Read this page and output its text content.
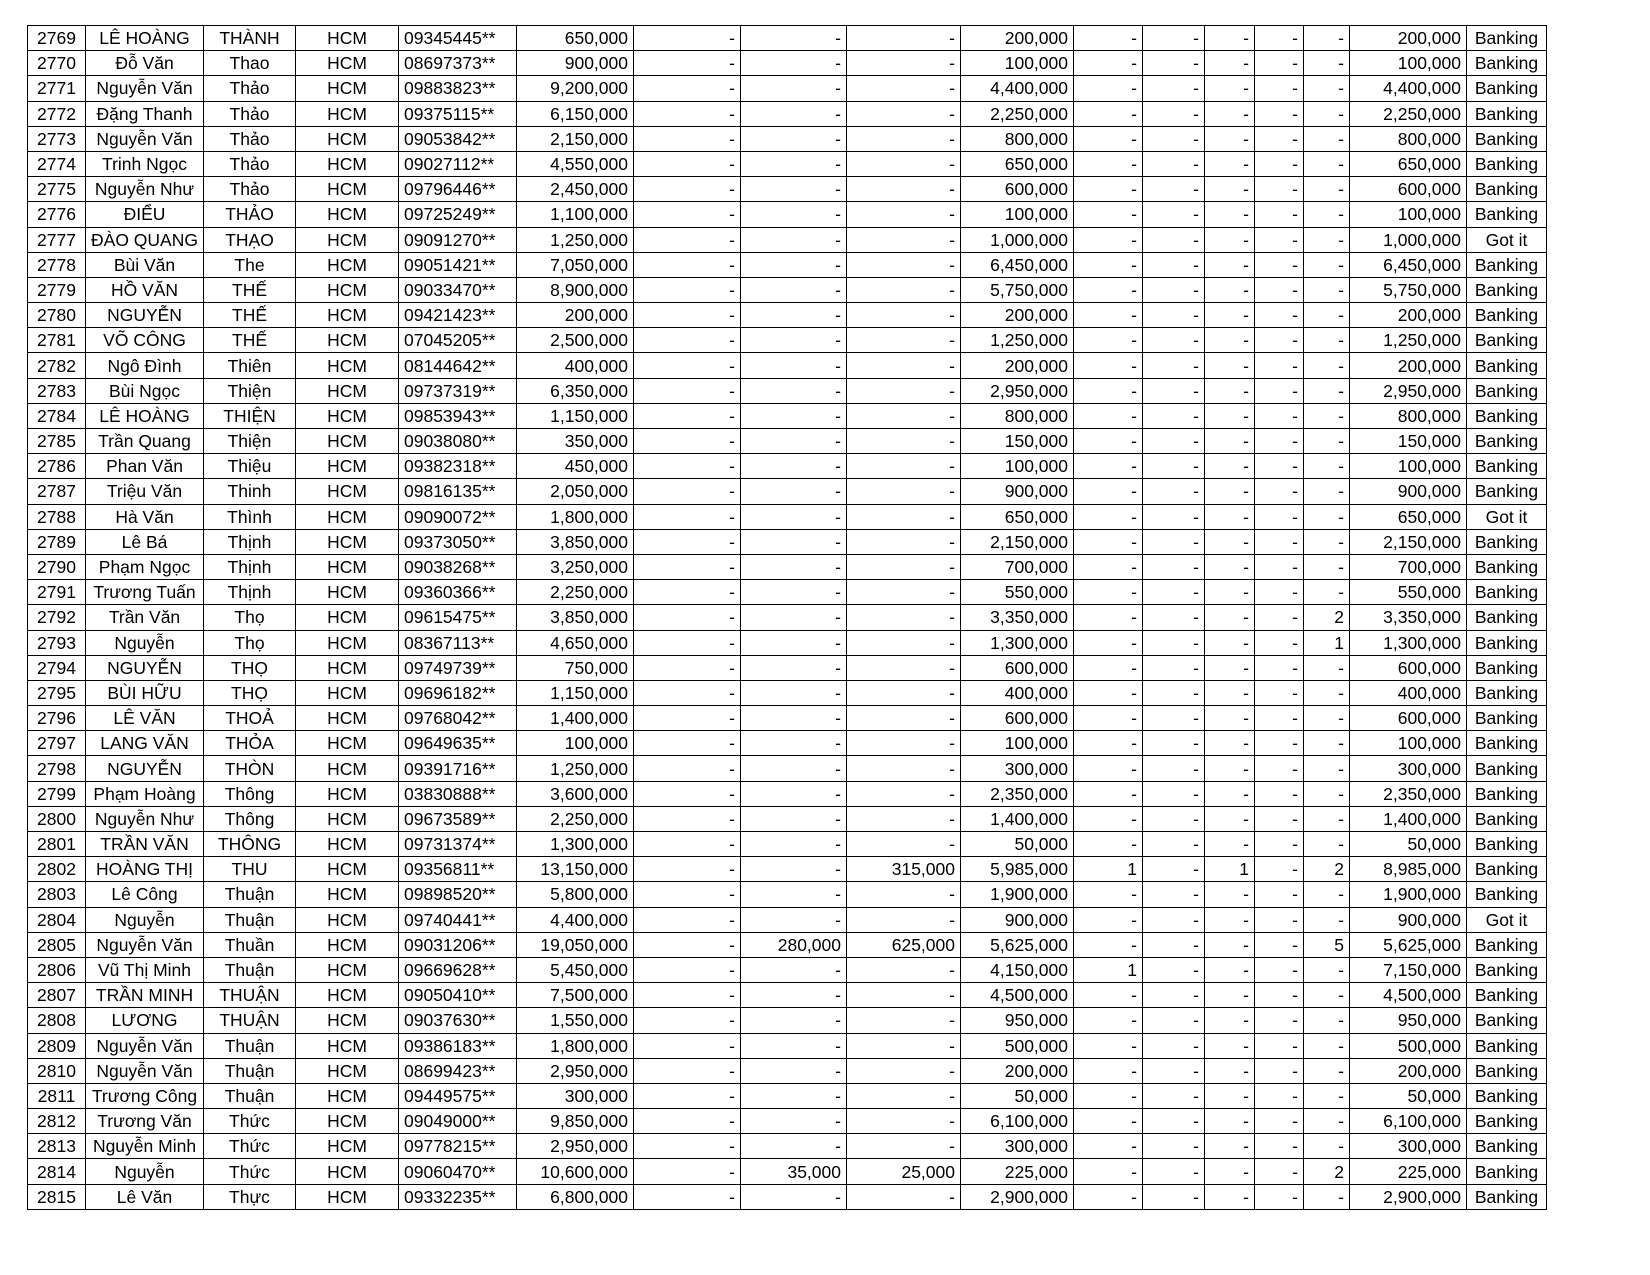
2769	LÊ HOÀNG	THÀNH	HCM	09345445**	650,000	-	-	-	200,000	-	-	-	-	-	200,000	Banking
2770	Đỗ Văn	Thao	HCM	08697373**	900,000	-	-	-	100,000	-	-	-	-	-	100,000	Banking
2771	Nguyễn Văn	Thảo	HCM	09883823**	9,200,000	-	-	-	4,400,000	-	-	-	-	-	4,400,000	Banking
2772	Đặng Thanh	Thảo	HCM	09375115**	6,150,000	-	-	-	2,250,000	-	-	-	-	-	2,250,000	Banking
2773	Nguyễn Văn	Thảo	HCM	09053842**	2,150,000	-	-	-	800,000	-	-	-	-	-	800,000	Banking
2774	Trinh Ngọc	Thảo	HCM	09027112**	4,550,000	-	-	-	650,000	-	-	-	-	-	650,000	Banking
2775	Nguyễn Như	Thảo	HCM	09796446**	2,450,000	-	-	-	600,000	-	-	-	-	-	600,000	Banking
2776	ĐIỂU	THẢO	HCM	09725249**	1,100,000	-	-	-	100,000	-	-	-	-	-	100,000	Banking
2777	ĐÀO QUANG	THẠO	HCM	09091270**	1,250,000	-	-	-	1,000,000	-	-	-	-	-	1,000,000	Got it
2778	Bùi Văn	The	HCM	09051421**	7,050,000	-	-	-	6,450,000	-	-	-	-	-	6,450,000	Banking
2779	HỒ VĂN	THẾ	HCM	09033470**	8,900,000	-	-	-	5,750,000	-	-	-	-	-	5,750,000	Banking
2780	NGUYỄN	THẾ	HCM	09421423**	200,000	-	-	-	200,000	-	-	-	-	-	200,000	Banking
2781	VÕ CÔNG	THẾ	HCM	07045205**	2,500,000	-	-	-	1,250,000	-	-	-	-	-	1,250,000	Banking
2782	Ngô Đình	Thiên	HCM	08144642**	400,000	-	-	-	200,000	-	-	-	-	-	200,000	Banking
2783	Bùi Ngọc	Thiện	HCM	09737319**	6,350,000	-	-	-	2,950,000	-	-	-	-	-	2,950,000	Banking
2784	LÊ HOÀNG	THIỆN	HCM	09853943**	1,150,000	-	-	-	800,000	-	-	-	-	-	800,000	Banking
2785	Trần Quang	Thiện	HCM	09038080**	350,000	-	-	-	150,000	-	-	-	-	-	150,000	Banking
2786	Phan Văn	Thiệu	HCM	09382318**	450,000	-	-	-	100,000	-	-	-	-	-	100,000	Banking
2787	Triệu Văn	Thinh	HCM	09816135**	2,050,000	-	-	-	900,000	-	-	-	-	-	900,000	Banking
2788	Hà Văn	Thình	HCM	09090072**	1,800,000	-	-	-	650,000	-	-	-	-	-	650,000	Got it
2789	Lê Bá	Thịnh	HCM	09373050**	3,850,000	-	-	-	2,150,000	-	-	-	-	-	2,150,000	Banking
2790	Phạm Ngọc	Thịnh	HCM	09038268**	3,250,000	-	-	-	700,000	-	-	-	-	-	700,000	Banking
2791	Trương Tuấn	Thịnh	HCM	09360366**	2,250,000	-	-	-	550,000	-	-	-	-	-	550,000	Banking
2792	Trần Văn	Thọ	HCM	09615475**	3,850,000	-	-	-	3,350,000	-	-	-	-	2	3,350,000	Banking
2793	Nguyễn	Thọ	HCM	08367113**	4,650,000	-	-	-	1,300,000	-	-	-	-	1	1,300,000	Banking
2794	NGUYỄN	THỌ	HCM	09749739**	750,000	-	-	-	600,000	-	-	-	-	-	600,000	Banking
2795	BÙI HỮU	THỌ	HCM	09696182**	1,150,000	-	-	-	400,000	-	-	-	-	-	400,000	Banking
2796	LÊ VĂN	THOẢ	HCM	09768042**	1,400,000	-	-	-	600,000	-	-	-	-	-	600,000	Banking
2797	LANG VĂN	THỎA	HCM	09649635**	100,000	-	-	-	100,000	-	-	-	-	-	100,000	Banking
2798	NGUYỄN	THÒN	HCM	09391716**	1,250,000	-	-	-	300,000	-	-	-	-	-	300,000	Banking
2799	Phạm Hoàng	Thông	HCM	03830888**	3,600,000	-	-	-	2,350,000	-	-	-	-	-	2,350,000	Banking
2800	Nguyễn Như	Thông	HCM	09673589**	2,250,000	-	-	-	1,400,000	-	-	-	-	-	1,400,000	Banking
2801	TRẦN VĂN	THÔNG	HCM	09731374**	1,300,000	-	-	-	50,000	-	-	-	-	-	50,000	Banking
2802	HOÀNG THỊ	THU	HCM	09356811**	13,150,000	-	-	315,000	5,985,000	1	-	1	-	2	8,985,000	Banking
2803	Lê Công	Thuận	HCM	09898520**	5,800,000	-	-	-	1,900,000	-	-	-	-	-	1,900,000	Banking
2804	Nguyễn	Thuận	HCM	09740441**	4,400,000	-	-	-	900,000	-	-	-	-	-	900,000	Got it
2805	Nguyễn Văn	Thuần	HCM	09031206**	19,050,000	-	280,000	625,000	5,625,000	-	-	-	-	5	5,625,000	Banking
2806	Vũ Thị Minh	Thuận	HCM	09669628**	5,450,000	-	-	-	4,150,000	1	-	-	-	-	7,150,000	Banking
2807	TRẦN MINH	THUẬN	HCM	09050410**	7,500,000	-	-	-	4,500,000	-	-	-	-	-	4,500,000	Banking
2808	LƯƠNG	THUẬN	HCM	09037630**	1,550,000	-	-	-	950,000	-	-	-	-	-	950,000	Banking
2809	Nguyễn Văn	Thuận	HCM	09386183**	1,800,000	-	-	-	500,000	-	-	-	-	-	500,000	Banking
2810	Nguyễn Văn	Thuận	HCM	08699423**	2,950,000	-	-	-	200,000	-	-	-	-	-	200,000	Banking
2811	Trương Công	Thuận	HCM	09449575**	300,000	-	-	-	50,000	-	-	-	-	-	50,000	Banking
2812	Trương Văn	Thức	HCM	09049000**	9,850,000	-	-	-	6,100,000	-	-	-	-	-	6,100,000	Banking
2813	Nguyễn Minh	Thức	HCM	09778215**	2,950,000	-	-	-	300,000	-	-	-	-	-	300,000	Banking
2814	Nguyễn	Thức	HCM	09060470**	10,600,000	-	35,000	25,000	225,000	-	-	-	-	2	225,000	Banking
2815	Lê Văn	Thực	HCM	09332235**	6,800,000	-	-	-	2,900,000	-	-	-	-	-	2,900,000	Banking
